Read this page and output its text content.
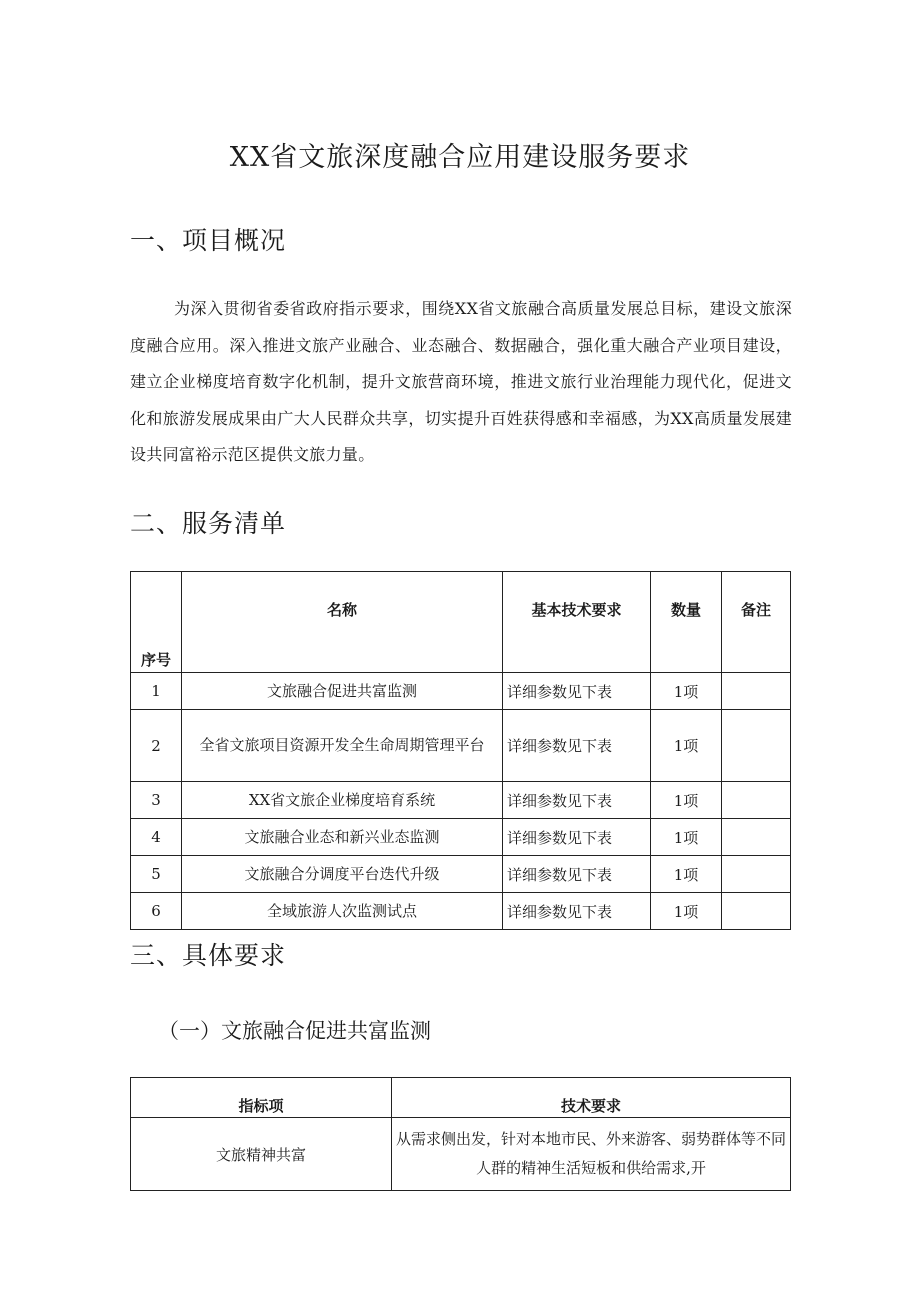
XX省文旅深度融合应用建设服务要求
一、项目概况
为深入贯彻省委省政府指示要求，围绕XX省文旅融合高质量发展总目标，建设文旅深度融合应用。深入推进文旅产业融合、业态融合、数据融合，强化重大融合产业项目建设，建立企业梯度培育数字化机制，提升文旅营商环境，推进文旅行业治理能力现代化，促进文化和旅游发展成果由广大人民群众共享，切实提升百姓获得感和幸福感，为XX高质量发展建设共同富裕示范区提供文旅力量。
二、服务清单
序号	名称	基本技术要求	数量	备注
1	文旅融合促进共富监测	详细参数见下表	1项	
2	全省文旅项目资源开发全生命周期管理平台	详细参数见下表	1项	
3	XX省文旅企业梯度培育系统	详细参数见下表	1项	
4	文旅融合业态和新兴业态监测	详细参数见下表	1项	
5	文旅融合分调度平台迭代升级	详细参数见下表	1项	
6	全域旅游人次监测试点	详细参数见下表	1项	
三、具体要求
（一）文旅融合促进共富监测
指标项	技术要求
文旅精神共富	从需求侧出发，针对本地市民、外来游客、弱势群体等不同人群的精神生活短板和供给需求,开
